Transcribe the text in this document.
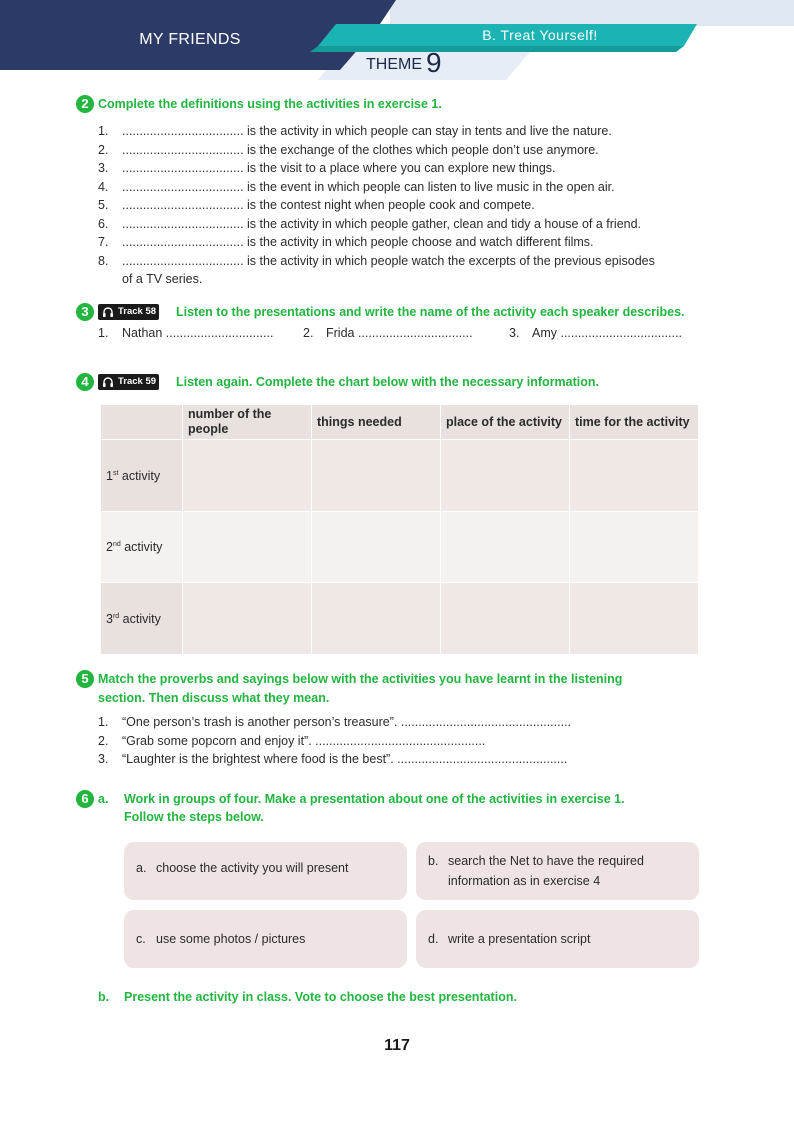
MY FRIENDS	B. Treat Yourself!
THEME 9
2 Complete the definitions using the activities in exercise 1.
1. ................................... is the activity in which people can stay in tents and live the nature.
2. ................................... is the exchange of the clothes which people don’t use anymore.
3. ................................... is the visit to a place where you can explore new things.
4. ................................... is the event in which people can listen to live music in the open air.
5. ................................... is the contest night when people cook and compete.
6. ................................... is the activity in which people gather, clean and tidy a house of a friend.
7. ................................... is the activity in which people choose and watch different films.
8. ................................... is the activity in which people watch the excerpts of the previous episodes
of a TV series.
3	Track 58 Listen to the presentations and write the name of the activity each speaker describes.
1. Nathan ............................... 2. Frida .................................	3. Amy ...................................
4	Track 59 Listen again. Complete the chart below with the necessary information.
	number of the people	things needed	place of the activity	time for the activity
1st activity				
2nd activity				
3rd activity				
5 Match the proverbs and sayings below with the activities you have learnt in the listening
section. Then discuss what they mean.
1. “One person’s trash is another person’s treasure”. .................................................
2. “Grab some popcorn and enjoy it”. .................................................
3. “Laughter is the brightest where food is the best”. .................................................
6 a. Work in groups of four. Make a presentation about one of the activities in exercise 1.
Follow the steps below.
a. choose the activity you will present	b. search the Net to have the required
information as in exercise 4
c. use some photos / pictures	d. write a presentation script
b. Present the activity in class. Vote to choose the best presentation.
117
